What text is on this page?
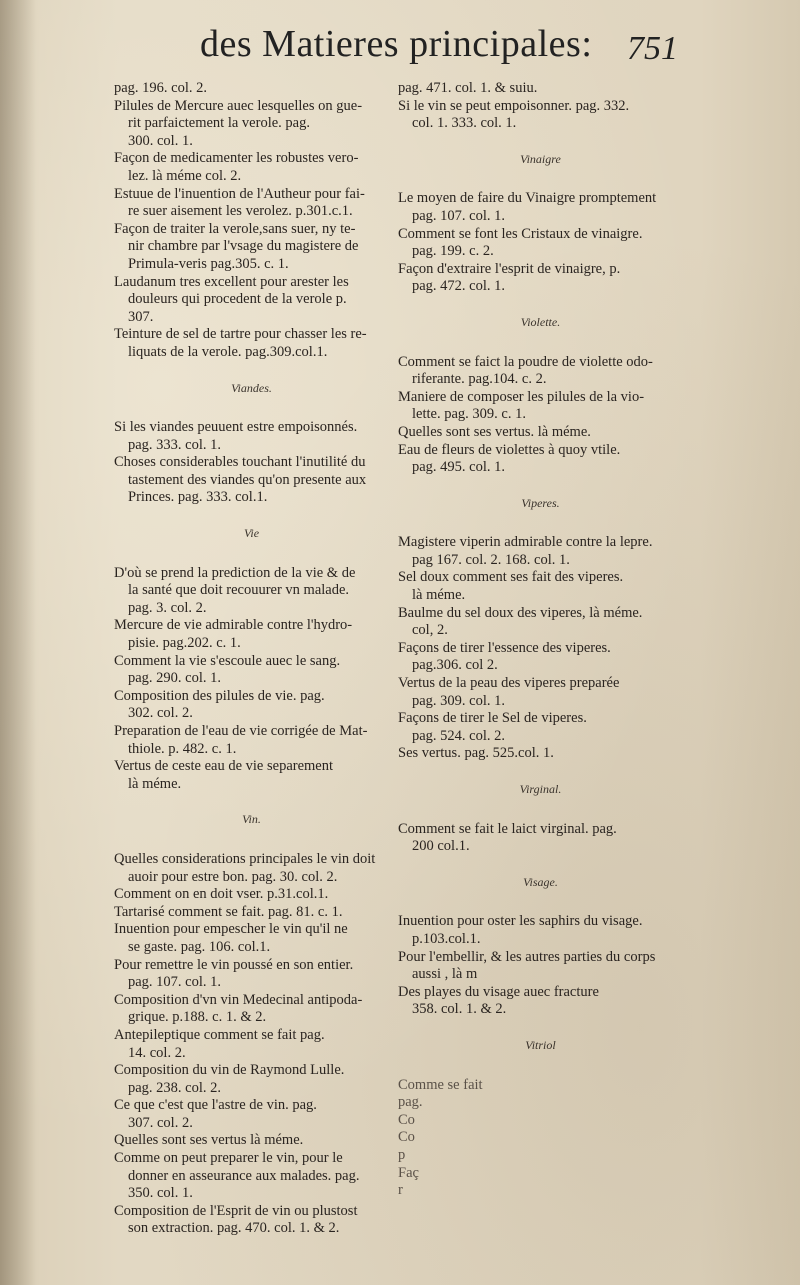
des Matieres principales: 751
pag. 196. col. 2.
Pilules de Mercure auec lesquelles on gue-
rit parfaictement la verole. pag.
300. col. 1.
Façon de medicamenter les robustes vero-
lez. là méme col. 2.
Estuue de l'inuention de l'Autheur pour fai-
re suer aisement les verolez. p.301.c.1.
Façon de traiter la verole,sans suer, ny te-
nir chambre par l'vsage du magistere de
Primula-veris pag.305. c. 1.
Laudanum tres excellent pour arester les
douleurs qui procedent de la verole p.
307.
Teinture de sel de tartre pour chasser les re-
liquats de la verole. pag.309.col.1.
Viandes.
Si les viandes peuuent estre empoisonnés.
pag. 333. col. 1.
Choses considerables touchant l'inutilité du
tastement des viandes qu'on presente aux
Princes. pag. 333. col.1.
Vie
D'où se prend la prediction de la vie & de
la santé que doit recouurer vn malade.
pag. 3. col. 2.
Mercure de vie admirable contre l'hydro-
pisie. pag.202. c. 1.
Comment la vie s'escoule auec le sang.
pag. 290. col. 1.
Composition des pilules de vie. pag.
302. col. 2.
Preparation de l'eau de vie corrigée de Mat-
thiole. p. 482. c. 1.
Vertus de ceste eau de vie separement
là méme.
Vin.
Quelles considerations principales le vin doit
auoir pour estre bon. pag. 30. col. 2.
Comment on en doit vser. p.31.col.1.
Tartarisé comment se fait. pag. 81. c. 1.
Inuention pour empescher le vin qu'il ne
se gaste. pag. 106. col.1.
Pour remettre le vin poussé en son entier.
pag. 107. col. 1.
Composition d'vn vin Medecinal antipoda-
grique. p.188. c. 1. & 2.
Antepileptique comment se fait pag.
14. col. 2.
Composition du vin de Raymond Lulle.
pag. 238. col. 2.
Ce que c'est que l'astre de vin. pag.
307. col. 2.
Quelles sont ses vertus là méme.
Comme on peut preparer le vin, pour le
donner en asseurance aux malades. pag.
350. col. 1.
Composition de l'Esprit de vin ou plustost
son extraction. pag. 470. col. 1. & 2.
pag. 471. col. 1. & suiu.
Si le vin se peut empoisonner. pag. 332.
col. 1. 333. col. 1.
Vinaigre
Le moyen de faire du Vinaigre promptement
pag. 107. col. 1.
Comment se font les Cristaux de vinaigre.
pag. 199. c. 2.
Façon d'extraire l'esprit de vinaigre, p.
pag. 472. col. 1.
Violette.
Comment se faict la poudre de violette odo-
riferante. pag.104. c. 2.
Maniere de composer les pilules de la vio-
lette. pag. 309. c. 1.
Quelles sont ses vertus. là méme.
Eau de fleurs de violettes à quoy vtile.
pag. 495. col. 1.
Viperes.
Magistere viperin admirable contre la lepre.
pag 167. col. 2. 168. col. 1.
Sel doux comment ses fait des viperes.
là méme.
Baulme du sel doux des viperes, là méme.
col, 2.
Façons de tirer l'essence des viperes.
pag.306. col 2.
Vertus de la peau des viperes preparée
pag. 309. col. 1.
Façons de tirer le Sel de viperes.
pag. 524. col. 2.
Ses vertus. pag. 525.col. 1.
Virginal.
Comment se fait le laict virginal. pag.
200 col.1.
Visage.
Inuention pour oster les saphirs du visage.
p.103.col.1.
Pour l'embellir, & les autres parties du corps
aussi , là m
Des playes du visage auec fracture
358. col. 1. & 2.
Vitriol
Comme se fait
pag.
Co
Co
p
Faç
r
